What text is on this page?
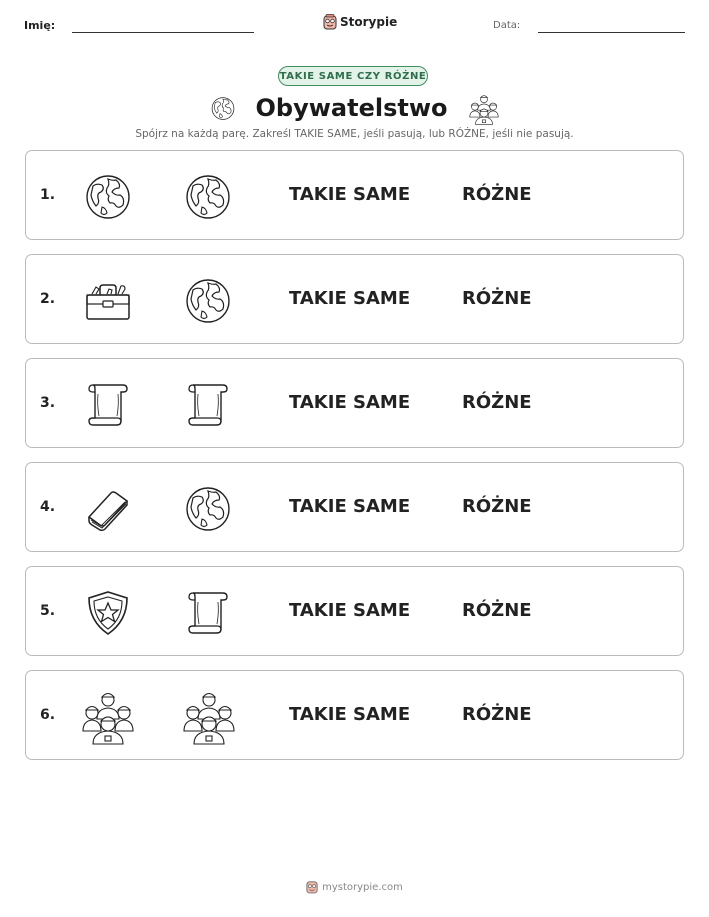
Imię:	Storypie	Data:
TAKIE SAME CZY RÓŻNE
Obywatelstwo
Spójrz na każdą parę. Zakreśl TAKIE SAME, jeśli pasują, lub RÓŻNE, jeśli nie pasują.
1.	TAKIE SAME	RÓŻNE
2.	TAKIE SAME	RÓŻNE
3.	TAKIE SAME	RÓŻNE
4.	TAKIE SAME	RÓŻNE
5.	TAKIE SAME	RÓŻNE
6.	TAKIE SAME	RÓŻNE
mystorypie.com
